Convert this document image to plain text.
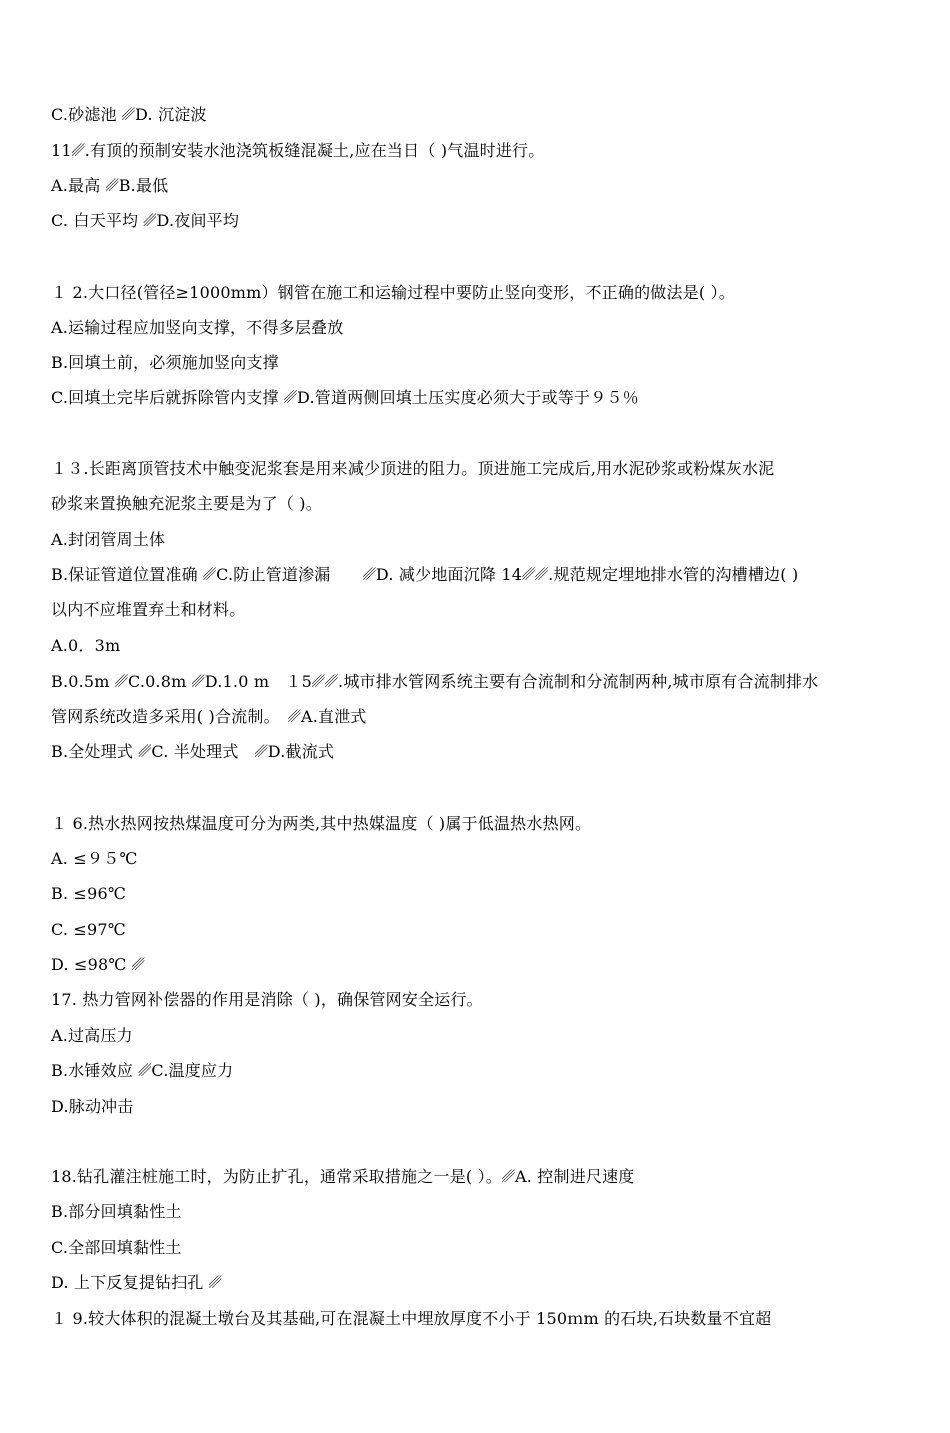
C.砂滤池 ␥D. 沉淀波
11␥.有顶的预制安装水池浇筑板缝混凝土,应在当日（ )气温时进行。
A.最高 ␥B.最低
C. 白天平均 ␥D.夜间平均
１ 2.大口径(管径≥1000mm）钢管在施工和运输过程中要防止竖向变形，不正确的做法是( ）。
A.运输过程应加竖向支撑，不得多层叠放
B.回填土前，必须施加竖向支撑
C.回填土完毕后就拆除管内支撑 ␥D.管道两侧回填土压实度必须大于或等于９５％
１３.长距离顶管技术中触变泥浆套是用来减少顶进的阻力。顶进施工完成后,用水泥砂浆或粉煤灰水泥
砂浆来置换触充泥浆主要是为了（ )。
A.封闭管周土体
B.保证管道位置准确 ␥C.防止管道渗漏　　␥D. 减少地面沉降 14␥␥.规范规定埋地排水管的沟槽槽边( )
以内不应堆置弃土和材料。
A.0．3m
B.0.5m ␥C.0.8m ␥D.1.0 m　１5␥␥.城市排水管网系统主要有合流制和分流制两种,城市原有合流制排水
管网系统改造多采用( )合流制。　␥A.直泄式
B.全处理式 ␥C. 半处理式　␥D.截流式
１ 6.热水热网按热煤温度可分为两类,其中热媒温度（ )属于低温热水热网。
A. ≤９５℃
B. ≤96℃
C. ≤97℃
D. ≤98℃ ␥
17. 热力管网补偿器的作用是消除（ )，确保管网安全运行。
A.过高压力
B.水锤效应 ␥C.温度应力
D.脉动冲击
18.钻孔灌注桩施工时，为防止扩孔，通常采取措施之一是( ）。␥A. 控制进尺速度
B.部分回填黏性土
C.全部回填黏性土
D. 上下反复提钻扫孔 ␥
１ 9.较大体积的混凝土墩台及其基础,可在混凝土中埋放厚度不小于 150ｍm 的石块,石块数量不宜超
